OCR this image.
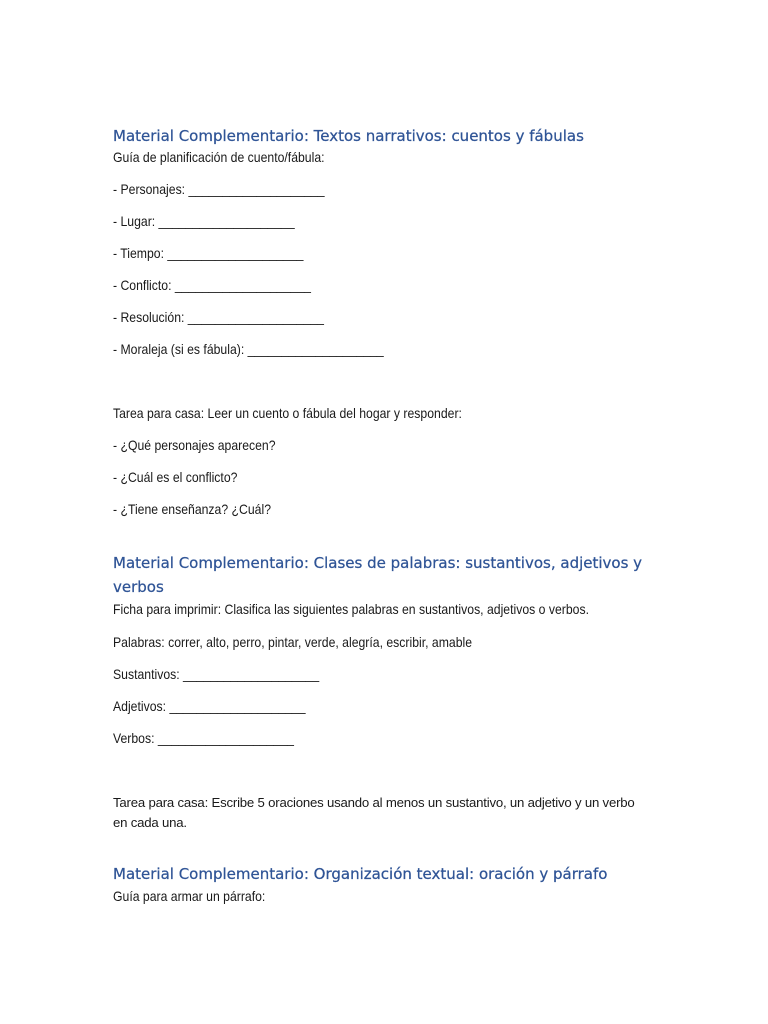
Material Complementario: Textos narrativos: cuentos y fábulas

Guía de planificación de cuento/fábula:

- Personajes: ____________________

- Lugar: ____________________

- Tiempo: ____________________

- Conflicto: ____________________

- Resolución: ____________________

- Moraleja (si es fábula): ____________________

Tarea para casa: Leer un cuento o fábula del hogar y responder:

- ¿Qué personajes aparecen?

- ¿Cuál es el conflicto?

- ¿Tiene enseñanza? ¿Cuál?

Material Complementario: Clases de palabras: sustantivos, adjetivos y verbos

Ficha para imprimir: Clasifica las siguientes palabras en sustantivos, adjetivos o verbos.

Palabras: correr, alto, perro, pintar, verde, alegría, escribir, amable

Sustantivos: ____________________

Adjetivos: ____________________

Verbos: ____________________

Tarea para casa: Escribe 5 oraciones usando al menos un sustantivo, un adjetivo y un verbo en cada una.

Material Complementario: Organización textual: oración y párrafo

Guía para armar un párrafo:
